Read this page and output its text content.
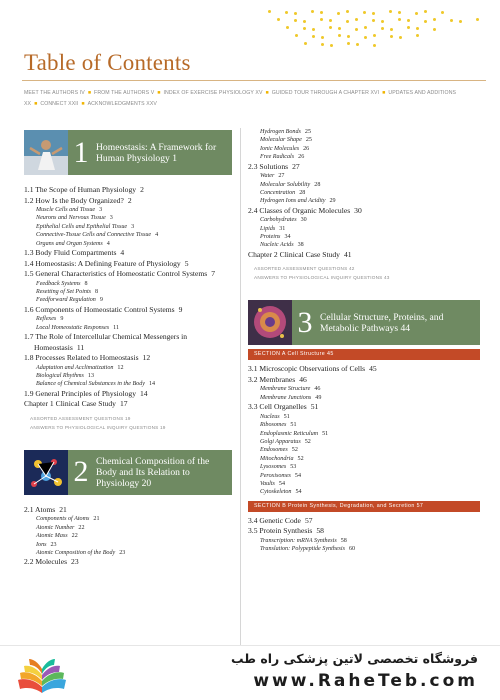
Table of Contents
MEET THE AUTHORS IV ■ FROM THE AUTHORS V ■ INDEX OF EXERCISE PHYSIOLOGY XV ■ GUIDED TOUR THROUGH A CHAPTER XVI ■ UPDATES AND ADDITIONS XX ■ CONNECT XXII ■ ACKNOWLEDGMENTS XXV
1 Homeostasis: A Framework for Human Physiology 1
1.1 The Scope of Human Physiology 2
1.2 How Is the Body Organized? 2
Muscle Cells and Tissue 3
Neurons and Nervous Tissue 3
Epithelial Cells and Epithelial Tissue 3
Connective-Tissue Cells and Connective Tissue 4
Organs and Organ Systems 4
1.3 Body Fluid Compartments 4
1.4 Homeostasis: A Defining Feature of Physiology 5
1.5 General Characteristics of Homeostatic Control Systems 7
Feedback Systems 8
Resetting of Set Points 8
Feedforward Regulation 9
1.6 Components of Homeostatic Control Systems 9
Reflexes 9
Local Homeostatic Responses 11
1.7 The Role of Intercellular Chemical Messengers in Homeostasis 11
1.8 Processes Related to Homeostasis 12
Adaptation and Acclimatization 12
Biological Rhythms 13
Balance of Chemical Substances in the Body 14
1.9 General Principles of Physiology 14
Chapter 1 Clinical Case Study 17
ASSORTED ASSESSMENT QUESTIONS 19
ANSWERS TO PHYSIOLOGICAL INQUIRY QUESTIONS 19
2 Chemical Composition of the Body and Its Relation to Physiology 20
2.1 Atoms 21
Components of Atoms 21
Atomic Number 22
Atomic Mass 22
Ions 23
Atomic Composition of the Body 23
2.2 Molecules 23
Hydrogen Bonds 25
Molecular Shape 25
Ionic Molecules 26
Free Radicals 26
2.3 Solutions 27
Water 27
Molecular Solubility 28
Concentration 28
Hydrogen Ions and Acidity 29
2.4 Classes of Organic Molecules 30
Carbohydrates 30
Lipids 31
Proteins 34
Nucleic Acids 38
Chapter 2 Clinical Case Study 41
ASSORTED ASSESSMENT QUESTIONS 42
ANSWERS TO PHYSIOLOGICAL INQUIRY QUESTIONS 43
3 Cellular Structure, Proteins, and Metabolic Pathways 44
SECTION A Cell Structure 45
3.1 Microscopic Observations of Cells 45
3.2 Membranes 46
Membrane Structure 46
Membrane Junctions 49
3.3 Cell Organelles 51
Nucleus 51
Ribosomes 51
Endoplasmic Reticulum 51
Golgi Apparatus 52
Endosomes 52
Mitochondria 52
Lysosomes 53
Peroxisomes 54
Vaults 54
Cytoskeleton 54
SECTION B Protein Synthesis, Degradation, and Secretion 57
3.4 Genetic Code 57
3.5 Protein Synthesis 58
Transcription: mRNA Synthesis 58
Translation: Polypeptide Synthesis 60
فروشگاه تخصصی لاتین پزشکی راه طب
www.RaheTeb.com
